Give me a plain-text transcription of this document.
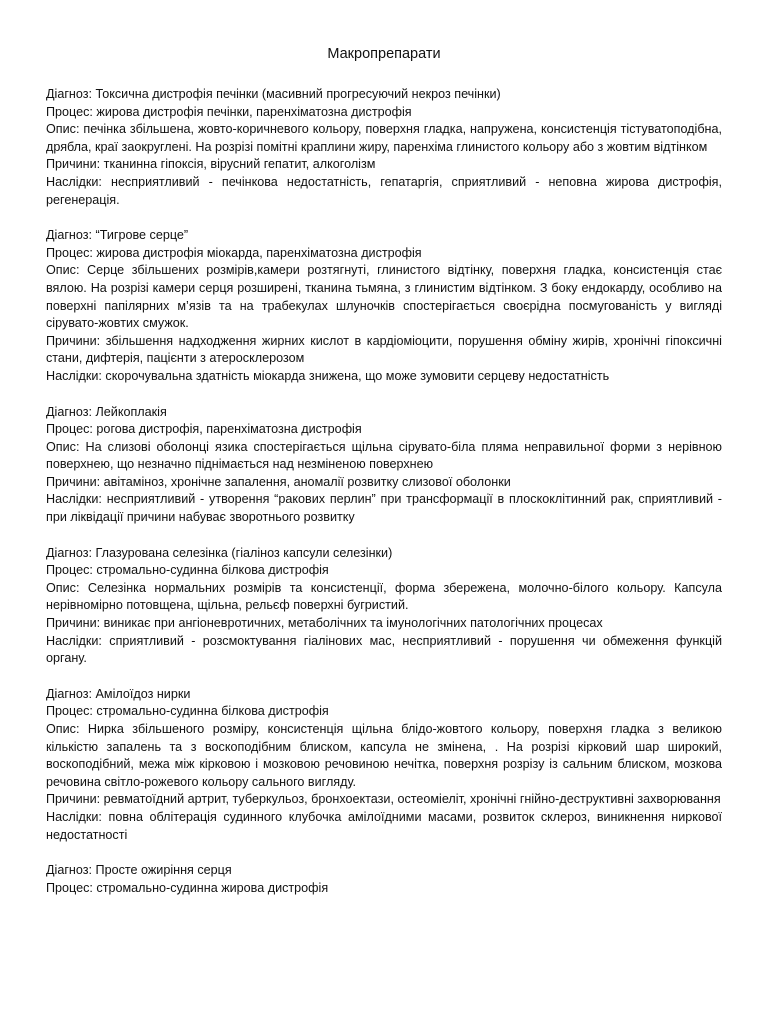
Макропрепарати

Діагноз: Токсична дистрофія печінки (масивний прогресуючий некроз печінки)

Процес: жирова дистрофія печінки, паренхіматозна дистрофія

Опис: печінка збільшена, жовто-коричневого кольору, поверхня гладка, напружена, консистенція тістуватоподібна, дрябла, краї заокруглені. На розрізі помітні краплини жиру, паренхіма глинистого кольору або з жовтим відтінком

Причини: тканинна гіпоксія, вірусний гепатит, алкоголізм

Наслідки: несприятливий - печінкова недостатність, гепатаргія, сприятливий - неповна жирова дистрофія, регенерація.

Діагноз: “Тигрове серце”

Процес: жирова дистрофія міокарда, паренхіматозна дистрофія

Опис: Серце збільшених розмірів,камери розтягнуті, глинистого відтінку, поверхня гладка, консистенція стає вялою. На розрізі камери серця розширені, тканина тьмяна, з глинистим відтінком. З боку ендокарду, особливо на поверхні папілярних м’язів та на трабекулах шлуночків спостерігається своєрідна посмугованість у вигляді сірувато-жовтих смужок.

Причини: збільшення надходження жирних кислот в кардіоміоцити, порушення обміну жирів, хронічні гіпоксичні стани, дифтерія, пацієнти з атеросклерозом

Наслідки: скорочувальна здатність міокарда знижена, що може зумовити серцеву недостатність

Діагноз: Лейкоплакія

Процес: рогова дистрофія, паренхіматозна дистрофія

Опис: На слизові оболонці язика спостерігається щільна сірувато-біла пляма неправильної форми з нерівною поверхнею, що незначно піднімається над незміненою поверхнею

Причини: авітаміноз, хронічне запалення, аномалії розвитку слизової оболонки

Наслідки: несприятливий - утворення “ракових перлин” при трансформації в плоскоклітинний рак, сприятливий - при ліквідації причини набуває зворотнього розвитку

Діагноз: Глазурована селезінка (гіаліноз капсули селезінки)

Процес: стромально-судинна білкова дистрофія

Опис: Селезінка нормальних розмірів та консистенції, форма збережена, молочно-білого кольору. Капсула нерівномірно потовщена, щільна, рельєф поверхні бугристий.

Причини: виникає при ангіоневротичних, метаболічних та імунологічних патологічних процесах

Наслідки: сприятливий - розсмоктування гіалінових мас, несприятливий - порушення чи обмеження функцій органу.

Діагноз: Амілоїдоз нирки

Процес: стромально-судинна білкова дистрофія

Опис: Нирка збільшеного розміру, консистенція щільна блідо-жовтого кольору, поверхня гладка з великою кількістю запалень та з воскоподібним блиском, капсула не змінена, . На розрізі кірковий шар широкий, воскоподібний, межа між кірковою і мозковою речовиною нечітка, поверхня розрізу із сальним блиском, мозкова речовина світло-рожевого кольору сального вигляду.

Причини: ревматоїдний артрит, туберкульоз, бронхоектази, остеоміеліт, хронічні гнійно-деструктивні захворювання

Наслідки: повна облітерація судинного клубочка амілоїдними масами, розвиток склероз, виникнення ниркової недостатності

Діагноз: Просте ожиріння серця

Процес: стромально-судинна жирова дистрофія
